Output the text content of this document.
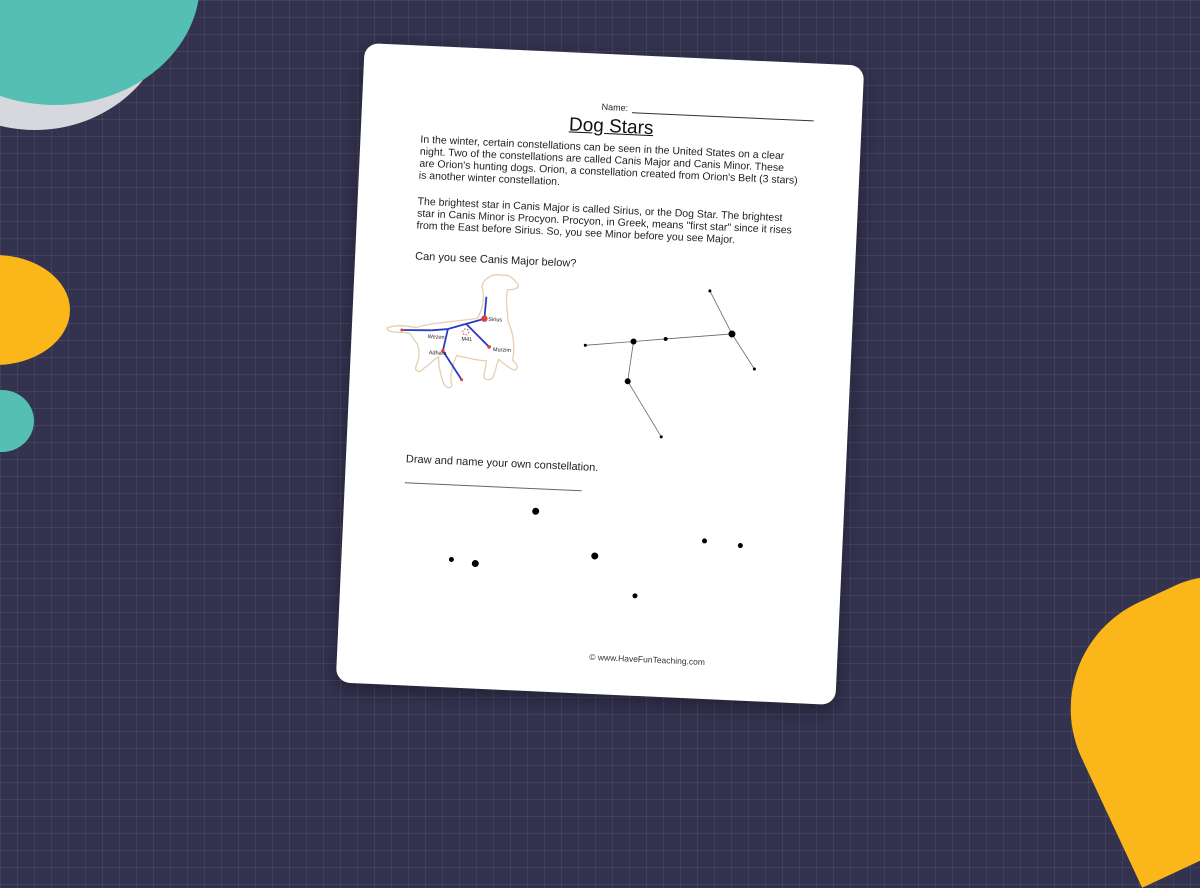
Name:
Dog Stars

In the winter, certain constellations can be seen in the United States on a clear night. Two of the constellations are called Canis Major and Canis Minor. These are Orion's hunting dogs. Orion, a constellation created from Orion's Belt (3 stars) is another winter constellation.

The brightest star in Canis Major is called Sirius, or the Dog Star. The brightest star in Canis Minor is Procyon. Procyon, in Greek, means "first star" since it rises from the East before Sirius. So, you see Minor before you see Major.

Can you see Canis Major below?
Sirius
M41
Wezen
Adhara	Murzim
Draw and name your own constellation.
© www.HaveFunTeaching.com
